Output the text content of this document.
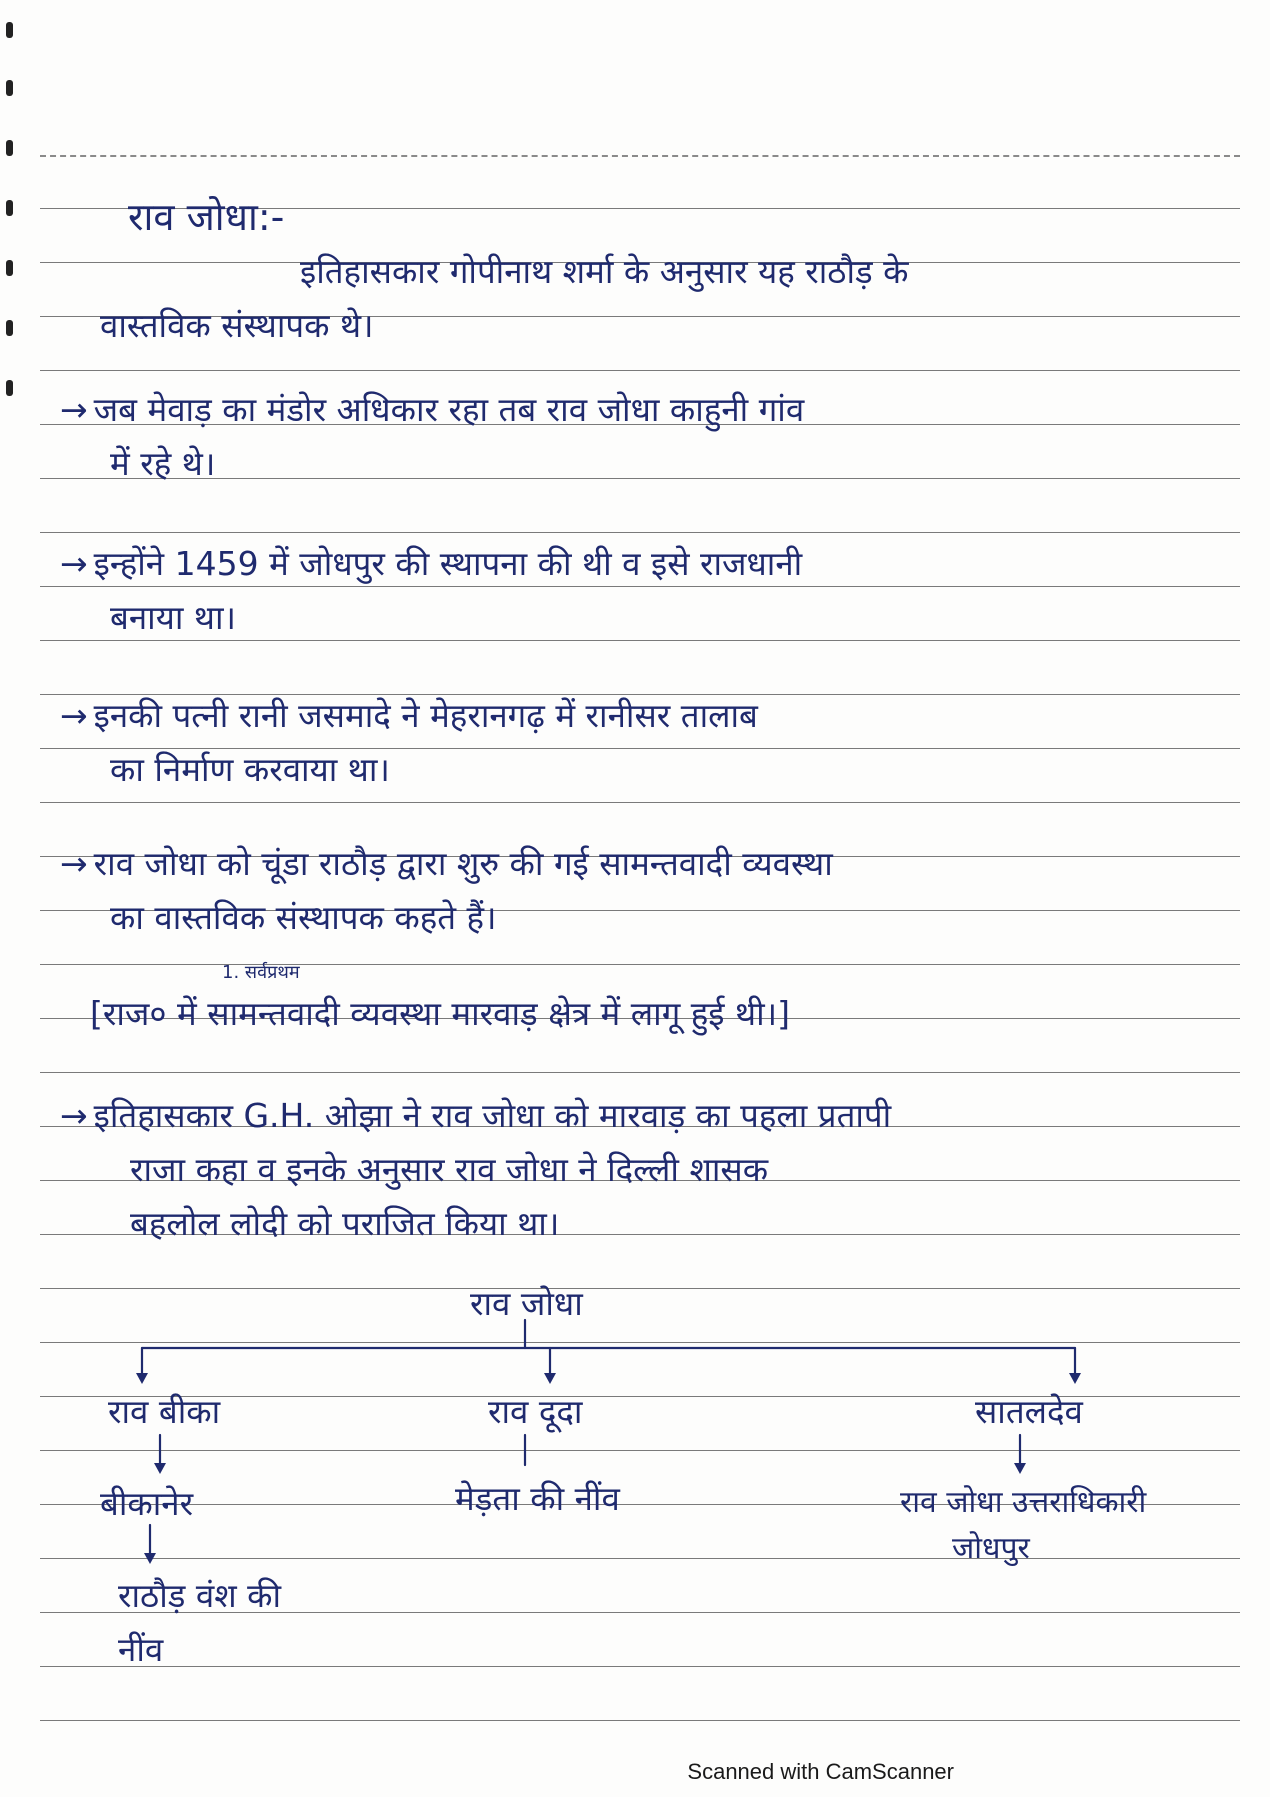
राव जोधा:-
इतिहासकार गोपीनाथ शर्मा के अनुसार यह राठौड़ के
वास्तविक संस्थापक थे।
→ जब मेवाड़ का मंडोर अधिकार रहा तब राव जोधा काहुनी गांव
में रहे थे।
→ इन्होंने 1459 में जोधपुर की स्थापना की थी व इसे राजधानी
बनाया था।
→ इनकी पत्नी रानी जसमादे ने मेहरानगढ़ में रानीसर तालाब
का निर्माण करवाया था।
→ राव जोधा को चूंडा राठौड़ द्वारा शुरु की गई सामन्तवादी व्यवस्था
का वास्तविक संस्थापक कहते हैं।
1. सर्वप्रथम
[राज० में सामन्तवादी व्यवस्था मारवाड़ क्षेत्र में लागू हुई थी।]
→ इतिहासकार G.H. ओझा ने राव जोधा को मारवाड़ का पहला प्रतापी
राजा कहा व इनके अनुसार राव जोधा ने दिल्ली शासक
बहलोल लोदी को पराजित किया था।
राव जोधा
राव बीका	राव दूदा	सातलदेव
बीकानेर	मेड़ता की नींव	राव जोधा उत्तराधिकारी
जोधपुर
राठौड़ वंश की
नींव
Scanned with CamScanner
